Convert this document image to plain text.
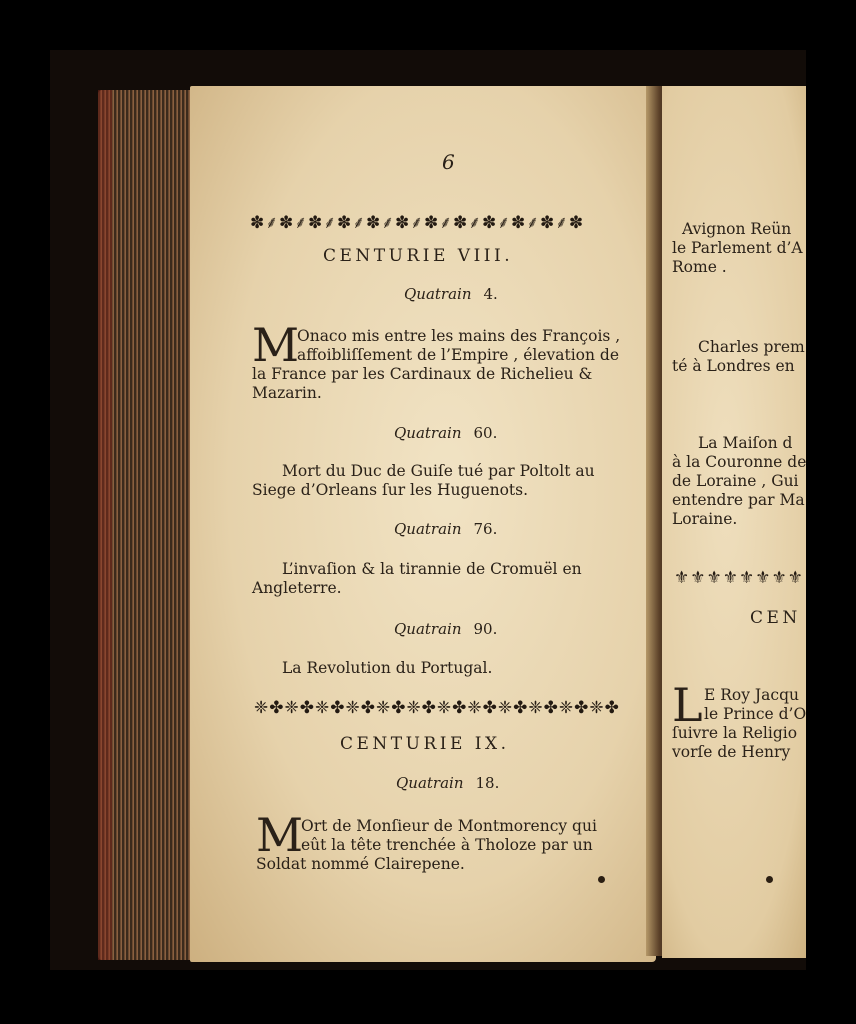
6
✽⸙✽⸙✽⸙✽⸙✽⸙✽⸙✽⸙✽⸙✽⸙✽⸙✽⸙✽
CENTURIE VIII.
Quatrain 4.
M
Onaco mis entre les mains des François ,
affoibliſſement de l’Empire , élevation de
la France par les Cardinaux de Richelieu &
Mazarin.
Quatrain 60.
Mort du Duc de Guiſe tué par Poltolt au
Siege d’Orleans ſur les Huguenots.
Quatrain 76.
L’invaſion & la tirannie de Cromuël en
Angleterre.
Quatrain 90.
La Revolution du Portugal.
❈✤❈✤❈✤❈✤❈✤❈✤❈✤❈✤❈✤❈✤❈✤❈✤
CENTURIE IX.
Quatrain 18.
M
Ort de Monſieur de Montmorency qui
eût la tête trenchée à Tholoze par un
Soldat nommé Clairepene.
Avignon Reün
le Parlement d’A
Rome .
Charles prem
té à Londres en
La Maiſon d
à la Couronne de
de Loraine , Gui
entendre par Ma
Loraine.
⚜⚜⚜⚜⚜⚜⚜⚜
CEN
L E Roy Jacqu
le Prince d’O
ſuivre la Religio
vorſe de Henry
